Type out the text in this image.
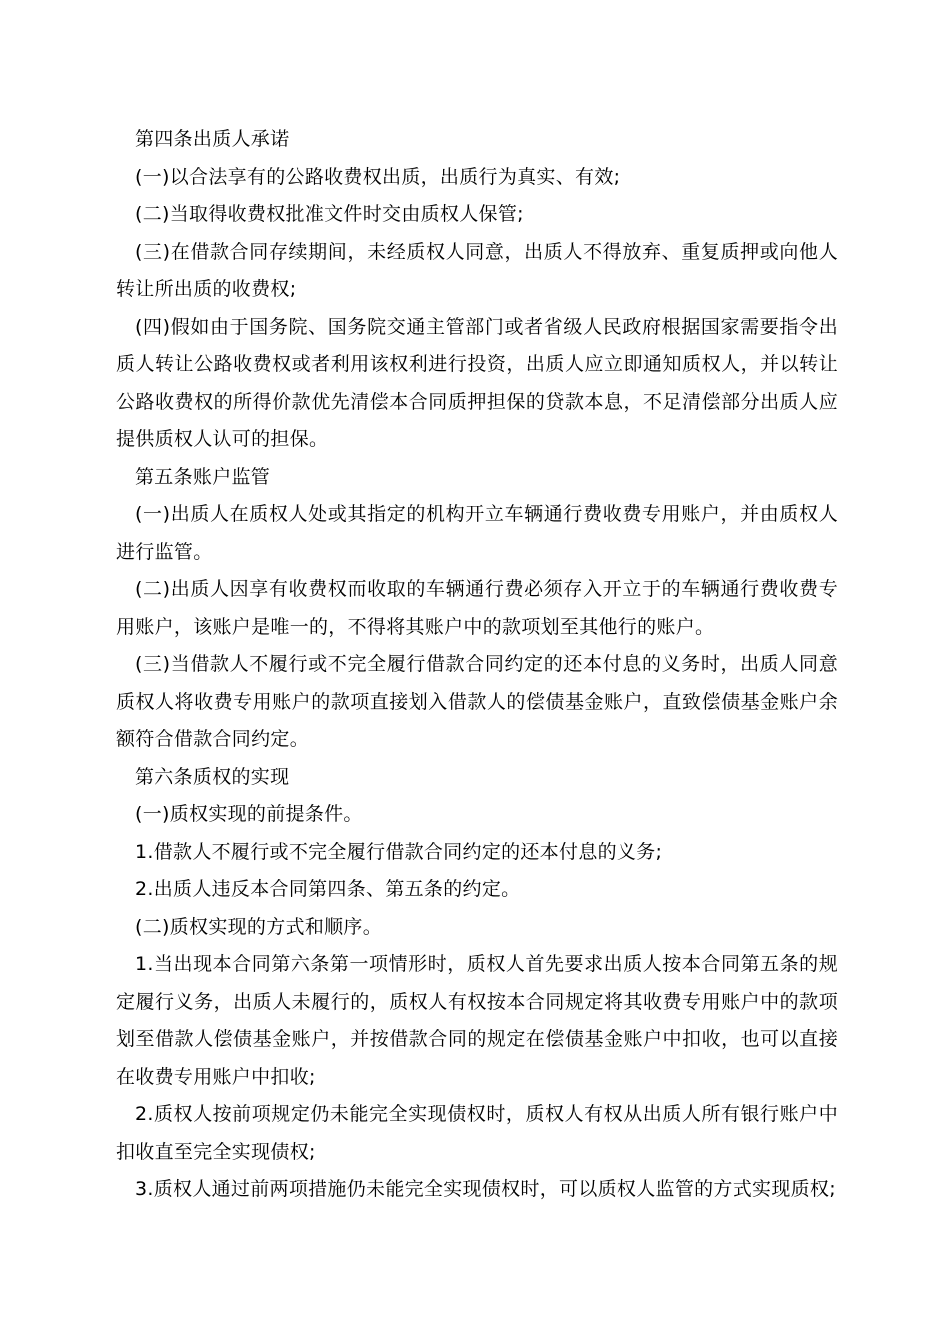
第四条出质人承诺

(一)以合法享有的公路收费权出质，出质行为真实、有效;

(二)当取得收费权批准文件时交由质权人保管;

(三)在借款合同存续期间，未经质权人同意，出质人不得放弃、重复质押或向他人转让所出质的收费权;

(四)假如由于国务院、国务院交通主管部门或者省级人民政府根据国家需要指令出质人转让公路收费权或者利用该权利进行投资，出质人应立即通知质权人，并以转让公路收费权的所得价款优先清偿本合同质押担保的贷款本息，不足清偿部分出质人应提供质权人认可的担保。

第五条账户监管

(一)出质人在质权人处或其指定的机构开立车辆通行费收费专用账户，并由质权人进行监管。

(二)出质人因享有收费权而收取的车辆通行费必须存入开立于的车辆通行费收费专用账户，该账户是唯一的，不得将其账户中的款项划至其他行的账户。

(三)当借款人不履行或不完全履行借款合同约定的还本付息的义务时，出质人同意质权人将收费专用账户的款项直接划入借款人的偿债基金账户，直致偿债基金账户余额符合借款合同约定。

第六条质权的实现

(一)质权实现的前提条件。

1.借款人不履行或不完全履行借款合同约定的还本付息的义务;

2.出质人违反本合同第四条、第五条的约定。

(二)质权实现的方式和顺序。

1.当出现本合同第六条第一项情形时，质权人首先要求出质人按本合同第五条的规定履行义务，出质人未履行的，质权人有权按本合同规定将其收费专用账户中的款项划至借款人偿债基金账户，并按借款合同的规定在偿债基金账户中扣收，也可以直接在收费专用账户中扣收;

2.质权人按前项规定仍未能完全实现债权时，质权人有权从出质人所有银行账户中扣收直至完全实现债权;

3.质权人通过前两项措施仍未能完全实现债权时，可以质权人监管的方式实现质权;
